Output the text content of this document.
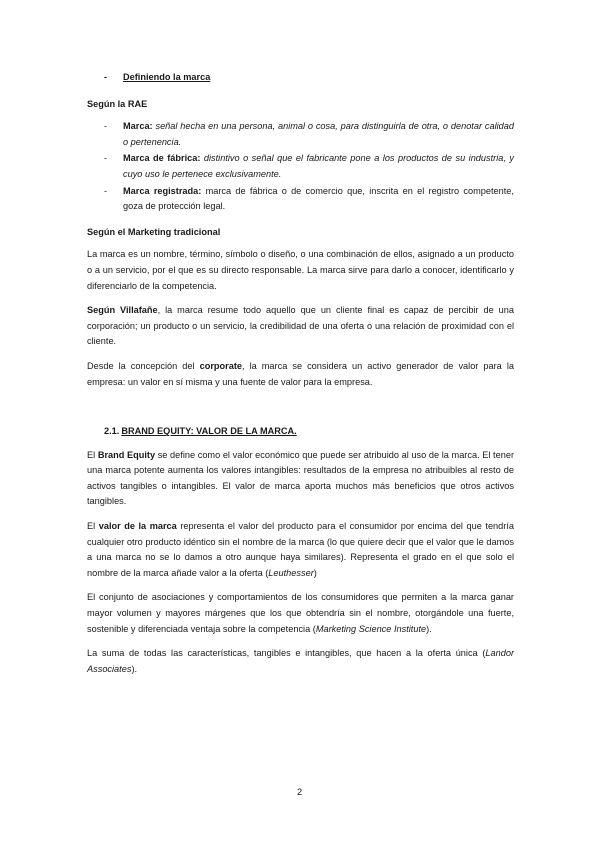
-	Definiendo la marca
Según la RAE
-	Marca: señal hecha en una persona, animal o cosa, para distinguirla de otra, o denotar calidad o pertenencia.
-	Marca de fábrica: distintivo o señal que el fabricante pone a los productos de su industria, y cuyo uso le pertenece exclusivamente.
-	Marca registrada: marca de fábrica o de comercio que, inscrita en el registro competente, goza de protección legal.
Según el Marketing tradicional

La marca es un nombre, término, símbolo o diseño, o una combinación de ellos, asignado a un producto o a un servicio, por el que es su directo responsable. La marca sirve para darlo a conocer, identificarlo y diferenciarlo de la competencia.

Según Villafañe, la marca resume todo aquello que un cliente final es capaz de percibir de una corporación; un producto o un servicio, la credibilidad de una oferta o una relación de proximidad con el cliente.

Desde la concepción del corporate, la marca se considera un activo generador de valor para la empresa: un valor en sí misma y una fuente de valor para la empresa.

2.1. BRAND EQUITY: VALOR DE LA MARCA.

El Brand Equity se define como el valor económico que puede ser atribuido al uso de la marca. El tener una marca potente aumenta los valores intangibles: resultados de la empresa no atribuibles al resto de activos tangibles o intangibles. El valor de marca aporta muchos más beneficios que otros activos tangibles.

El valor de la marca representa el valor del producto para el consumidor por encima del que tendría cualquier otro producto idéntico sin el nombre de la marca (lo que quiere decir que el valor que le damos a una marca no se lo damos a otro aunque haya similares). Representa el grado en el que solo el nombre de la marca añade valor a la oferta (Leuthesser)

El conjunto de asociaciones y comportamientos de los consumidores que permiten a la marca ganar mayor volumen y mayores márgenes que los que obtendría sin el nombre, otorgándole una fuerte, sostenible y diferenciada ventaja sobre la competencia (Marketing Science Institute).

La suma de todas las características, tangibles e intangibles, que hacen a la oferta única (Landor Associates).

2
